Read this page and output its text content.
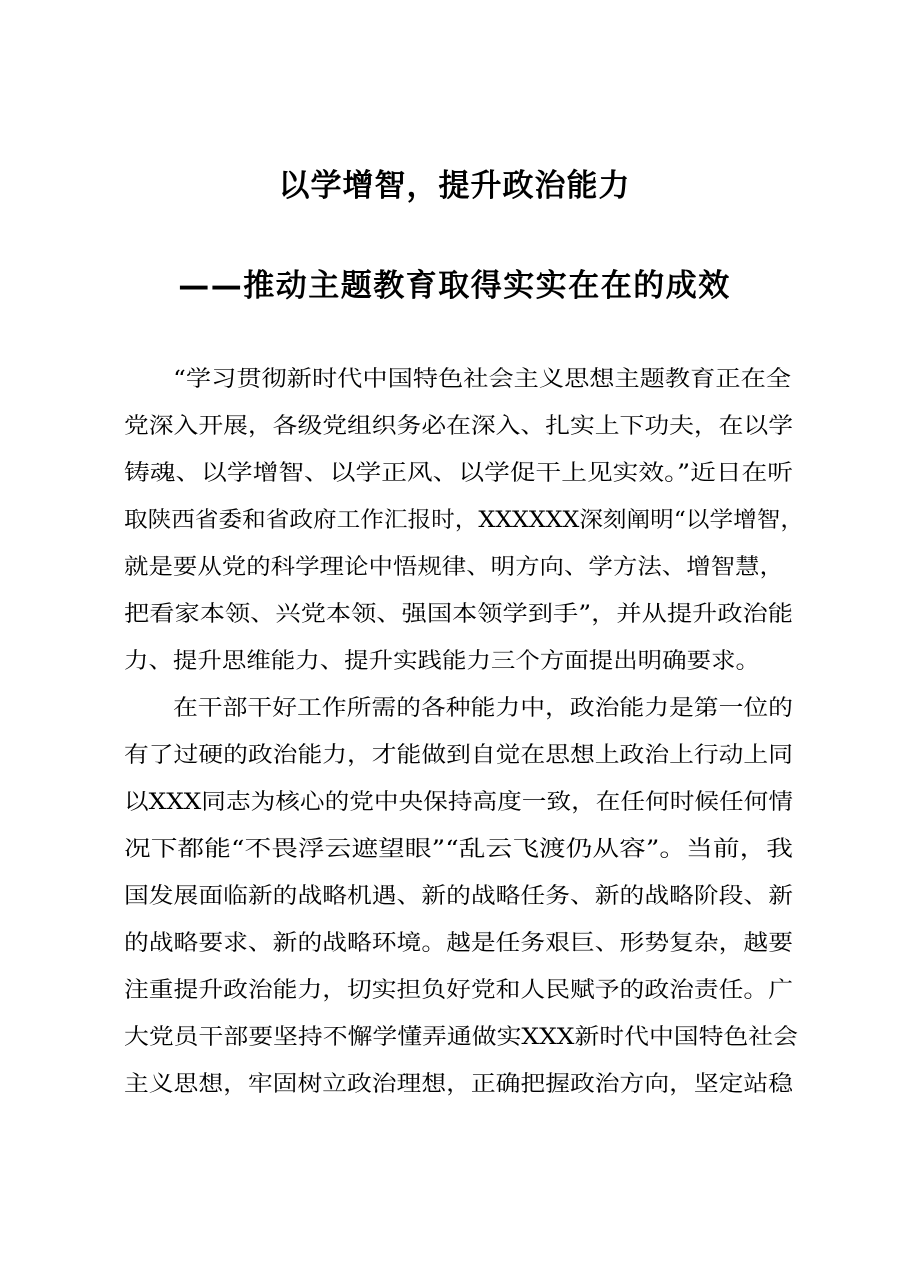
以学增智，提升政治能力
——推动主题教育取得实实在在的成效
“学习贯彻新时代中国特色社会主义思想主题教育正在全
党深入开展，各级党组织务必在深入、扎实上下功夫，在以学
铸魂、以学增智、以学正风、以学促干上见实效。”近日在听
取陕西省委和省政府工作汇报时，XXXXXX深刻阐明“以学增智，
就是要从党的科学理论中悟规律、明方向、学方法、增智慧，
把看家本领、兴党本领、强国本领学到手”，并从提升政治能
力、提升思维能力、提升实践能力三个方面提出明确要求。
在干部干好工作所需的各种能力中，政治能力是第一位的
有了过硬的政治能力，才能做到自觉在思想上政治上行动上同
以XXX同志为核心的党中央保持高度一致，在任何时候任何情
况下都能“不畏浮云遮望眼”“乱云飞渡仍从容”。当前，我
国发展面临新的战略机遇、新的战略任务、新的战略阶段、新
的战略要求、新的战略环境。越是任务艰巨、形势复杂，越要
注重提升政治能力，切实担负好党和人民赋予的政治责任。广
大党员干部要坚持不懈学懂弄通做实XXX新时代中国特色社会
主义思想，牢固树立政治理想，正确把握政治方向，坚定站稳
